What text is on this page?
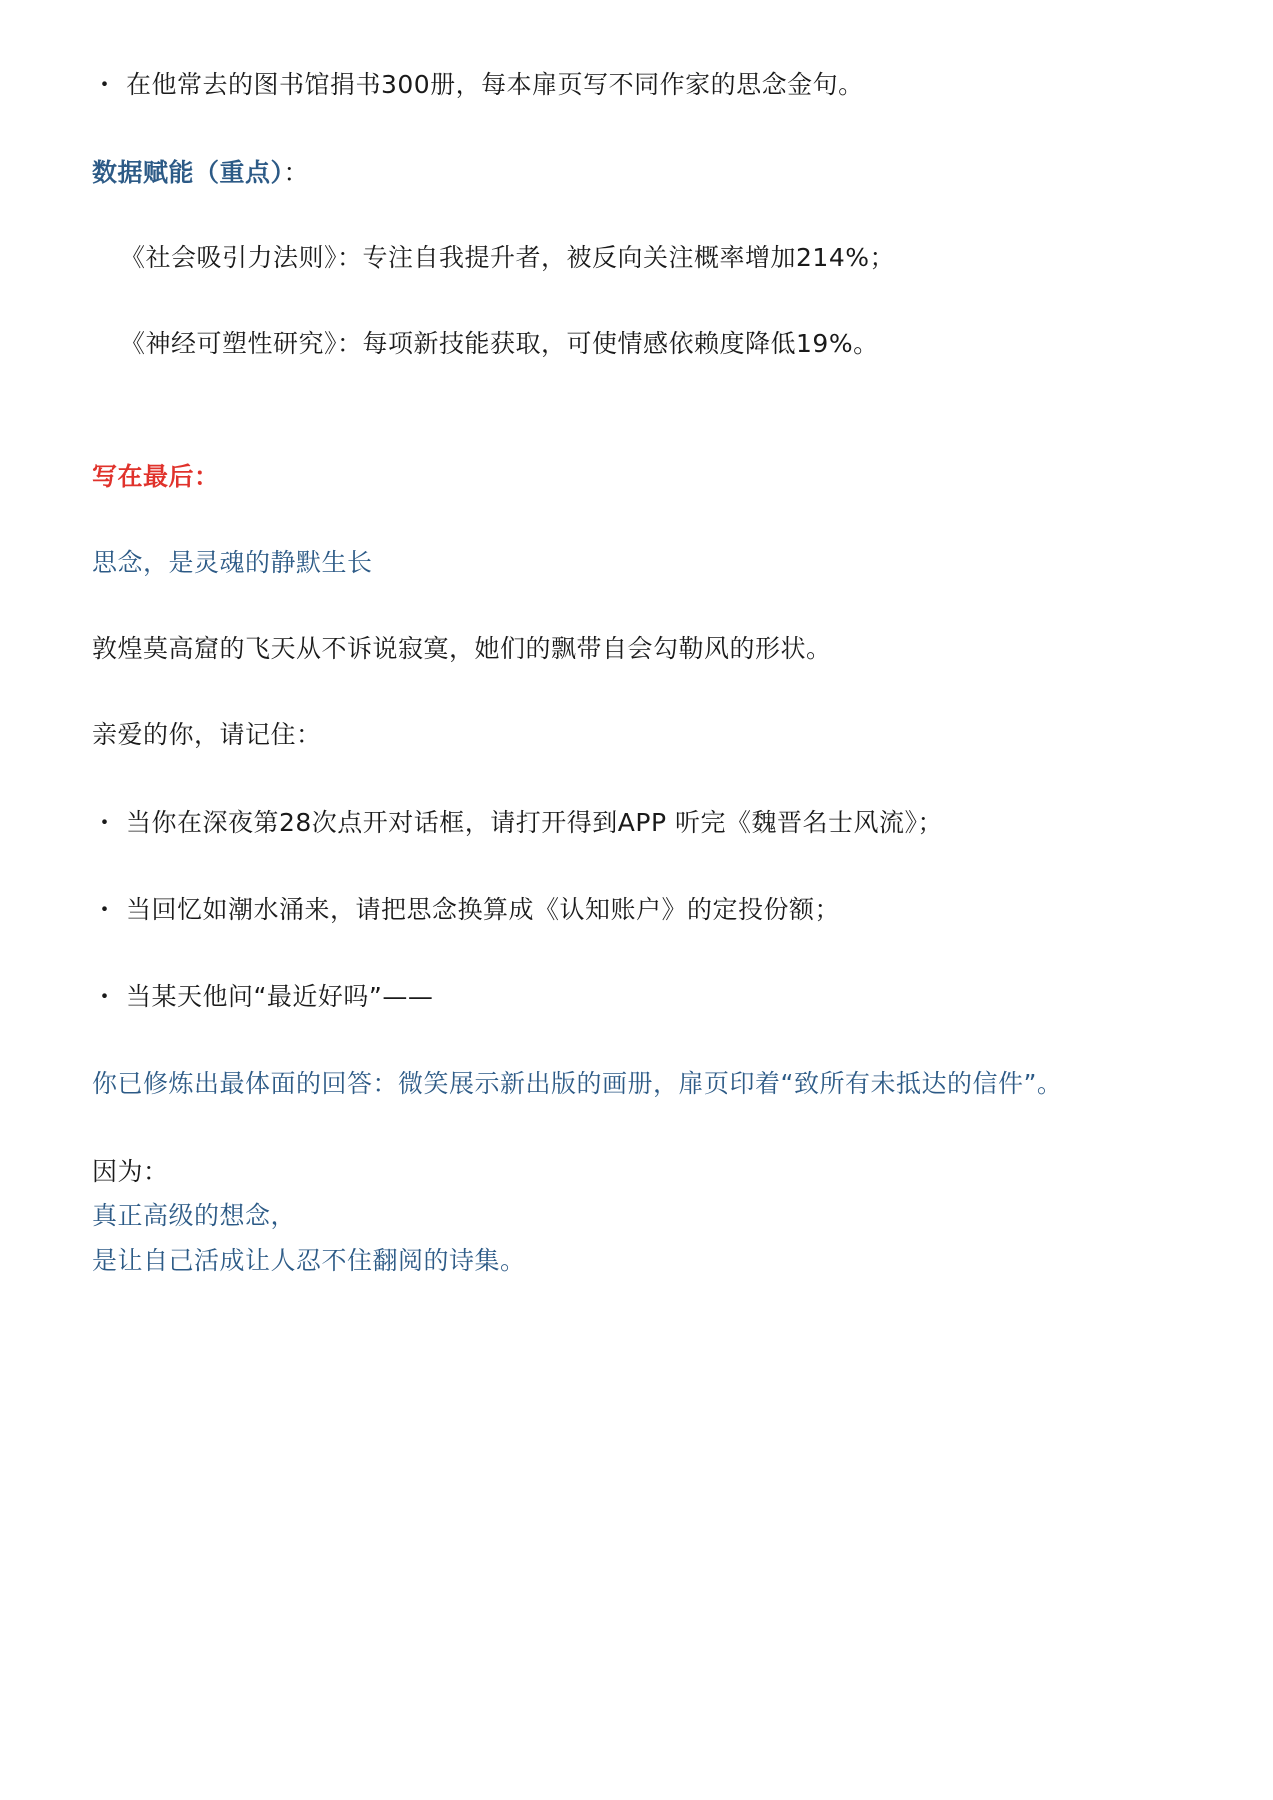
・ 在他常去的图书馆捐书300册，每本扉页写不同作家的思念金句。
数据赋能（重点）：
《社会吸引力法则》：专注自我提升者，被反向关注概率增加214%；
《神经可塑性研究》：每项新技能获取，可使情感依赖度降低19%。
写在最后：
思念，是灵魂的静默生长
敦煌莫高窟的飞天从不诉说寂寞，她们的飘带自会勾勒风的形状。
亲爱的你，请记住：
・ 当你在深夜第28次点开对话框，请打开得到APP 听完《魏晋名士风流》；
・ 当回忆如潮水涌来，请把思念换算成《认知账户》的定投份额；
・ 当某天他问“最近好吗”——
你已修炼出最体面的回答：微笑展示新出版的画册，扉页印着“致所有未抵达的信件”。
因为：
真正高级的想念，
是让自己活成让人忍不住翻阅的诗集。
